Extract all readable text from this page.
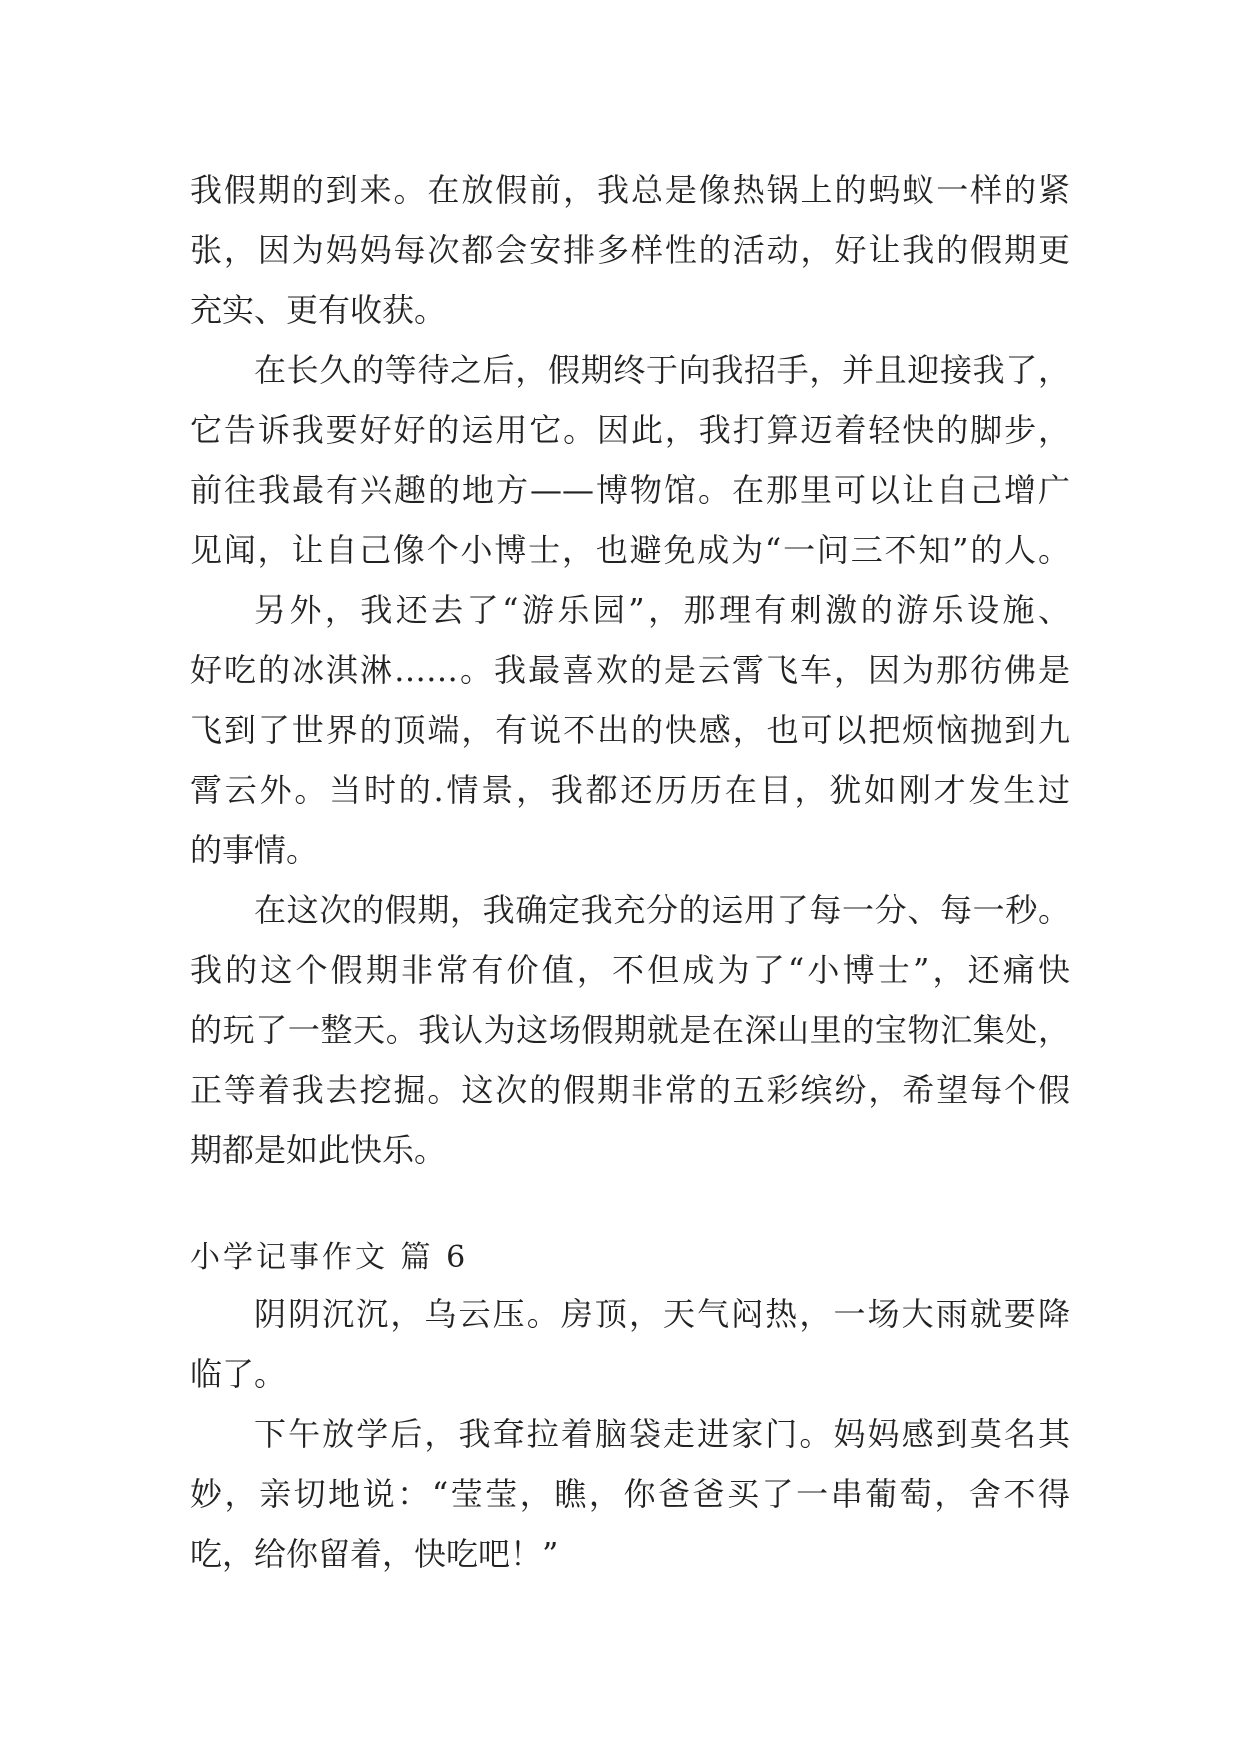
我假期的到来。在放假前，我总是像热锅上的蚂蚁一样的紧
张，因为妈妈每次都会安排多样性的活动，好让我的假期更
充实、更有收获。
在长久的等待之后，假期终于向我招手，并且迎接我了，
它告诉我要好好的运用它。因此，我打算迈着轻快的脚步，
前往我最有兴趣的地方——博物馆。在那里可以让自己增广
见闻，让自己像个小博士，也避免成为“一问三不知”的人。
另外，我还去了“游乐园”，那理有刺激的游乐设施、
好吃的冰淇淋……。我最喜欢的是云霄飞车，因为那彷佛是
飞到了世界的顶端，有说不出的快感，也可以把烦恼抛到九
霄云外。当时的.情景，我都还历历在目，犹如刚才发生过
的事情。
在这次的假期，我确定我充分的运用了每一分、每一秒。
我的这个假期非常有价值，不但成为了“小博士”，还痛快
的玩了一整天。我认为这场假期就是在深山里的宝物汇集处，
正等着我去挖掘。这次的假期非常的五彩缤纷，希望每个假
期都是如此快乐。
小学记事作文 篇 6
阴阴沉沉，乌云压。房顶，天气闷热，一场大雨就要降
临了。
下午放学后，我耷拉着脑袋走进家门。妈妈感到莫名其
妙，亲切地说：“莹莹，瞧，你爸爸买了一串葡萄，舍不得
吃，给你留着，快吃吧！”
